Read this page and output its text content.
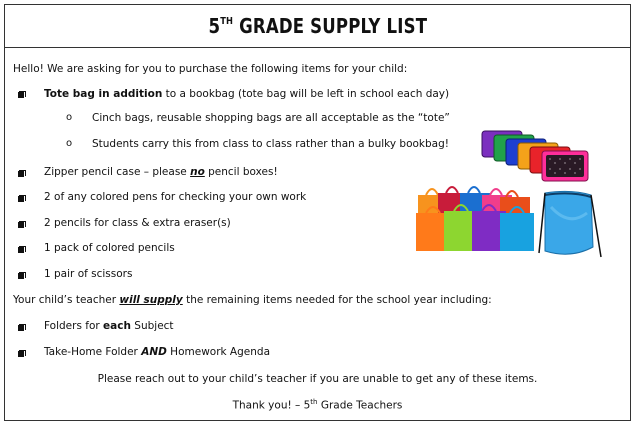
5TH GRADE SUPPLY LIST
Hello! We are asking for you to purchase the following items for your child:
Tote bag in addition to a bookbag (tote bag will be left in school each day)
o Cinch bags, reusable shopping bags are all acceptable as the “tote”
o Students carry this from class to class rather than a bulky bookbag!
Zipper pencil case – please no pencil boxes!
2 of any colored pens for checking your own work
2 pencils for class & extra eraser(s)
1 pack of colored pencils
1 pair of scissors
Your child’s teacher will supply the remaining items needed for the school year including:
Folders for each Subject
Take-Home Folder AND Homework Agenda
Please reach out to your child’s teacher if you are unable to get any of these items.
Thank you! – 5th Grade Teachers
